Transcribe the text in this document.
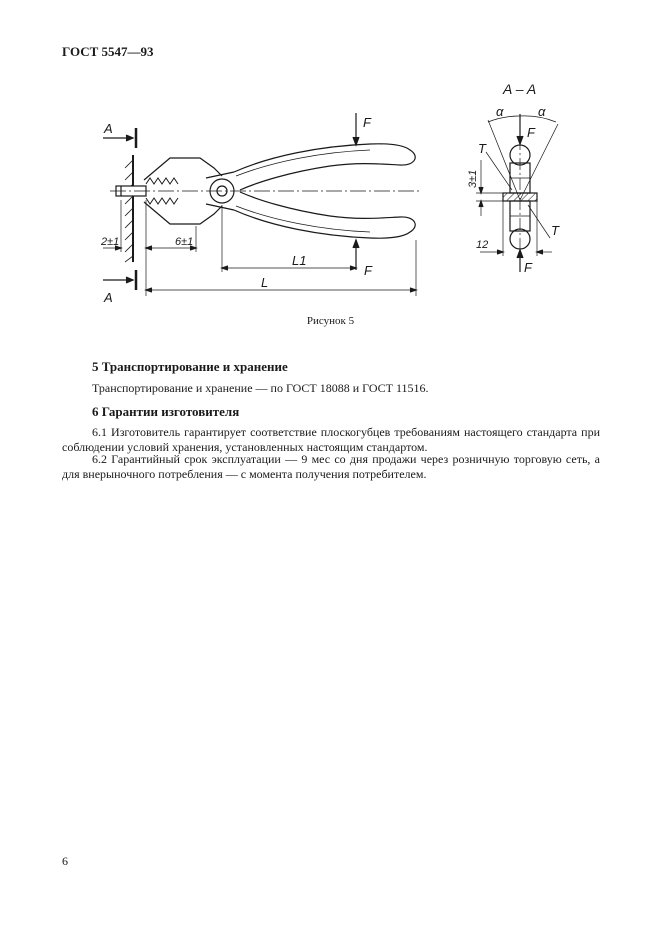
ГОСТ 5547—93
A
A
F
F
2±1	6±1
L1
L
A – A
α	α
F
F
T
T
12
3±1
Рисунок 5
5 Транспортирование и хранение
Транспортирование и хранение — по ГОСТ 18088 и ГОСТ 11516.
6 Гарантии изготовителя
6.1 Изготовитель гарантирует соответствие плоскогубцев требованиям настоящего стандарта при соблюдении условий хранения, установленных настоящим стандартом.
6.2 Гарантийный срок эксплуатации — 9 мес со дня продажи через розничную торговую сеть, а для внерыночного потребления — с момента получения потребителем.
6
